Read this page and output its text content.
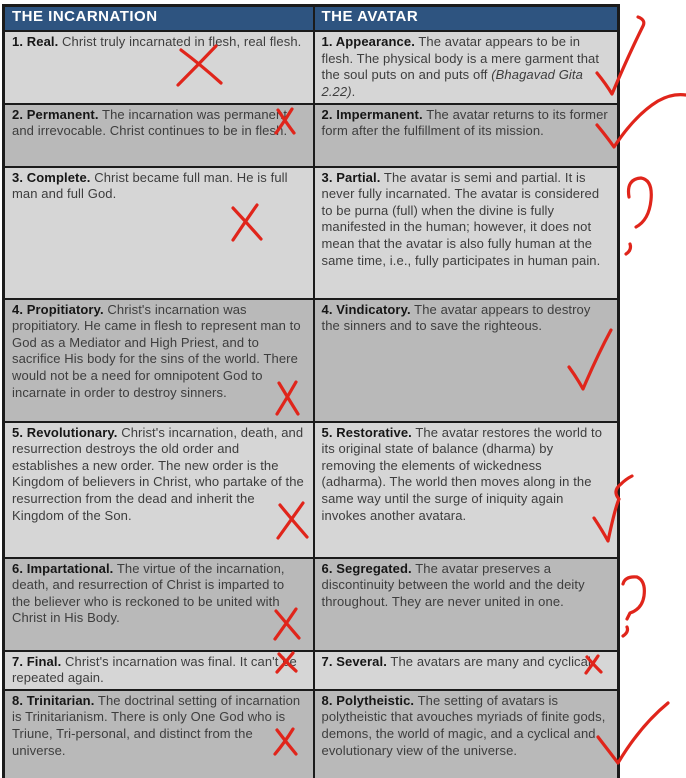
THE INCARNATION	THE AVATAR
1. Real. Christ truly incarnated in flesh, real flesh.	1. Appearance. The avatar appears to be in flesh. The physical body is a mere garment that the soul puts on and puts off (Bhagavad Gita 2.22).
2. Permanent. The incarnation was permanent and irrevocable. Christ continues to be in flesh.	2. Impermanent. The avatar returns to its former form after the fulfillment of its mission.
3. Complete. Christ became full man. He is full man and full God.	3. Partial. The avatar is semi and partial. It is never fully incarnated. The avatar is considered to be purna (full) when the divine is fully manifested in the human; however, it does not mean that the avatar is also fully human at the same time, i.e., fully participates in human pain.
4. Propitiatory. Christ's incarnation was propitiatory. He came in flesh to represent man to God as a Mediator and High Priest, and to sacrifice His body for the sins of the world. There would not be a need for omnipotent God to incarnate in order to destroy sinners.	4. Vindicatory. The avatar appears to destroy the sinners and to save the righteous.
5. Revolutionary. Christ's incarnation, death, and resurrection destroys the old order and establishes a new order. The new order is the Kingdom of believers in Christ, who partake of the resurrection from the dead and inherit the Kingdom of the Son.	5. Restorative. The avatar restores the world to its original state of balance (dharma) by removing the elements of wickedness (adharma). The world then moves along in the same way until the surge of iniquity again invokes another avatara.
6. Impartational. The virtue of the incarnation, death, and resurrection of Christ is imparted to the believer who is reckoned to be united with Christ in His Body.	6. Segregated. The avatar preserves a discontinuity between the world and the deity throughout. They are never united in one.
7. Final. Christ's incarnation was final. It can't be repeated again.	7. Several. The avatars are many and cyclical.
8. Trinitarian. The doctrinal setting of incarnation is Trinitarianism. There is only One God who is Triune, Tri-personal, and distinct from the universe.	8. Polytheistic. The setting of avatars is polytheistic that avouches myriads of finite gods, demons, the world of magic, and a cyclical and evolutionary view of the universe.
